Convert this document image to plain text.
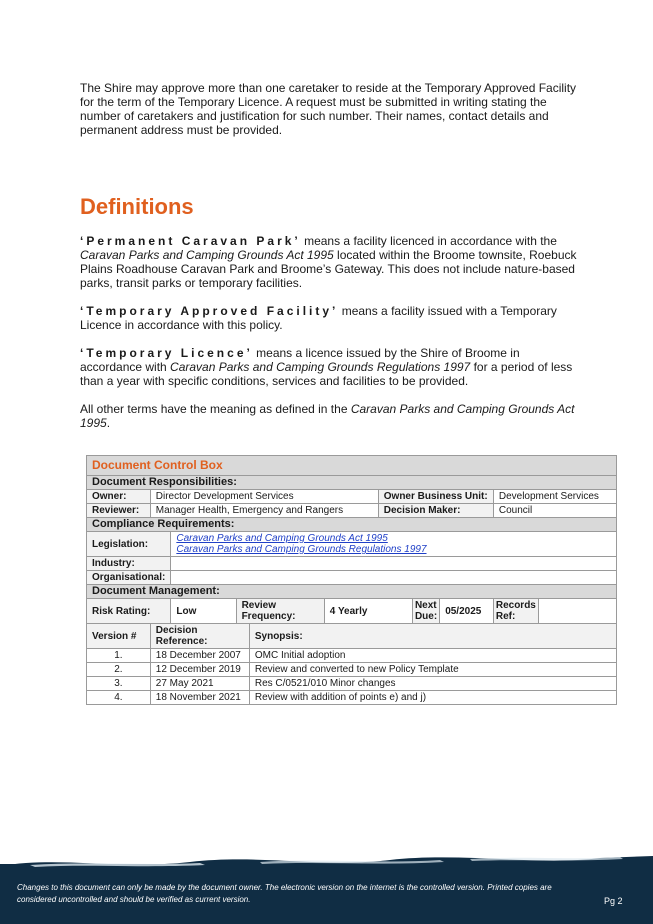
The Shire may approve more than one caretaker to reside at the Temporary Approved Facility for the term of the Temporary Licence. A request must be submitted in writing stating the number of caretakers and justification for such number. Their names, contact details and permanent address must be provided.

Definitions

‘Permanent Caravan Park’ means a facility licenced in accordance with the Caravan Parks and Camping Grounds Act 1995 located within the Broome townsite, Roebuck Plains Roadhouse Caravan Park and Broome’s Gateway. This does not include nature-based parks, transit parks or temporary facilities.

‘Temporary Approved Facility’ means a facility issued with a Temporary Licence in accordance with this policy.

‘Temporary Licence’ means a licence issued by the Shire of Broome in accordance with Caravan Parks and Camping Grounds Regulations 1997 for a period of less than a year with specific conditions, services and facilities to be provided.

All other terms have the meaning as defined in the Caravan Parks and Camping Grounds Act 1995.

Document Control Box										
Document Responsibilities:										
Owner:	Director Development Services					Owner Business Unit:			Development Services	
Reviewer:	Manager Health, Emergency and Rangers					Decision Maker:			Council	
Compliance Requirements:										
Legislation:		Caravan Parks and Camping Grounds Act 1995
Caravan Parks and Camping Grounds Regulations 1997								

Industry:										
Organisational:										
Document Management:										
Risk Rating:		Low	Review Frequency:		4 Yearly		Next Due:	05/2025	Records Ref:	
Version #	Decision Reference:			Synopsis:						
1.	18 December 2007			OMC Initial adoption						
2.	12 December 2019			Review and converted to new Policy Template						
3.	27 May 2021			Res C/0521/010 Minor changes						
4.	18 November 2021			Review with addition of points e) and j)						

Changes to this document can only be made by the document owner. The electronic version on the internet is the controlled version. Printed copies are considered uncontrolled and should be verified as current version.	Pg 2
